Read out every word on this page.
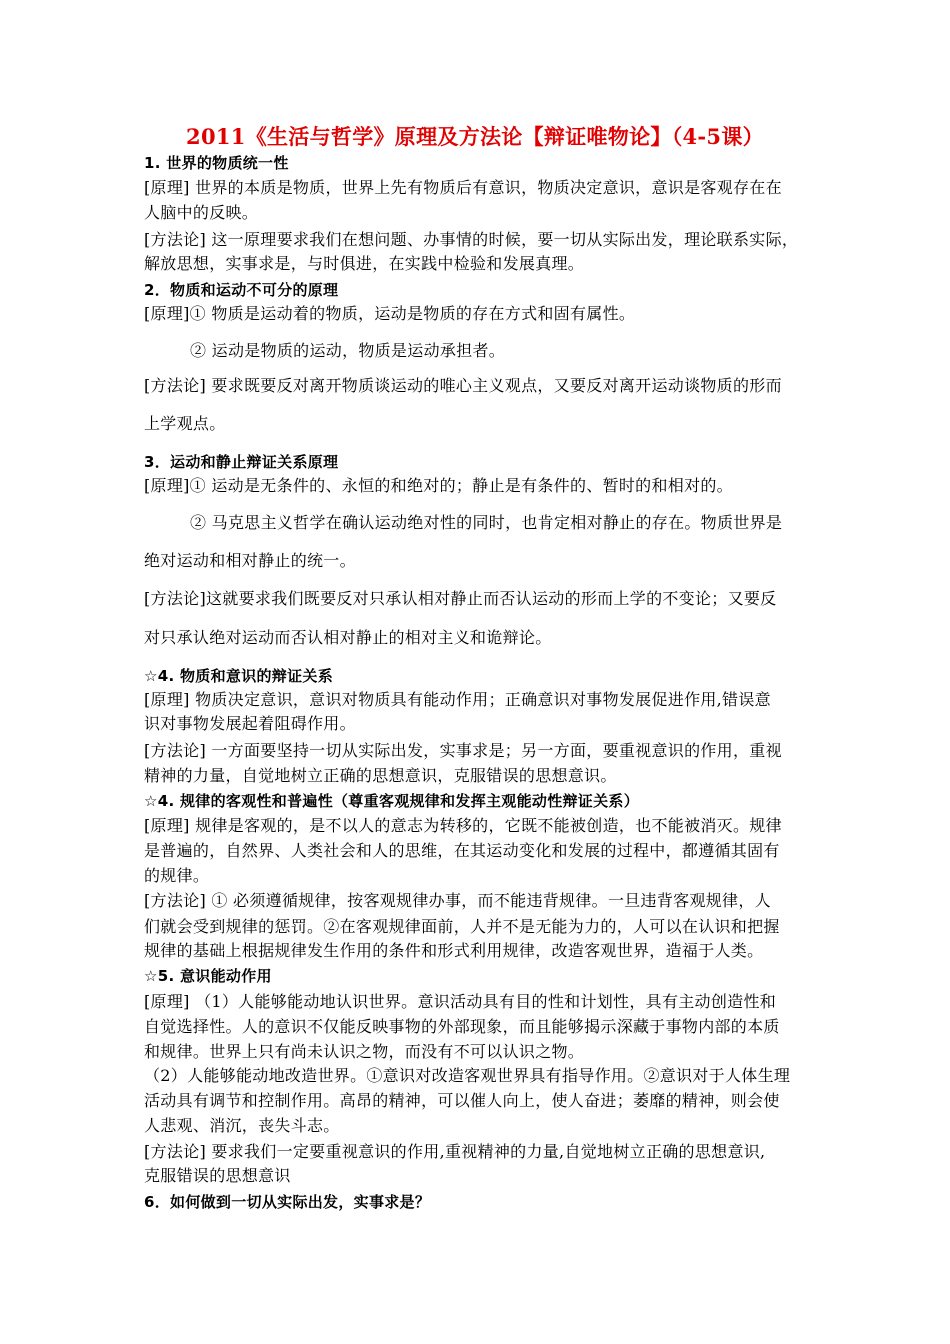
2011《生活与哲学》原理及方法论【辩证唯物论】（4-5课）
1. 世界的物质统一性
[原理] 世界的本质是物质，世界上先有物质后有意识，物质决定意识，意识是客观存在在
人脑中的反映。
[方法论] 这一原理要求我们在想问题、办事情的时候，要一切从实际出发，理论联系实际，
解放思想，实事求是，与时俱进，在实践中检验和发展真理。
2．物质和运动不可分的原理
[原理]① 物质是运动着的物质，运动是物质的存在方式和固有属性。
② 运动是物质的运动，物质是运动承担者。
[方法论] 要求既要反对离开物质谈运动的唯心主义观点，又要反对离开运动谈物质的形而
上学观点。
3．运动和静止辩证关系原理
[原理]① 运动是无条件的、永恒的和绝对的；静止是有条件的、暂时的和相对的。
② 马克思主义哲学在确认运动绝对性的同时，也肯定相对静止的存在。物质世界是
绝对运动和相对静止的统一。
[方法论]这就要求我们既要反对只承认相对静止而否认运动的形而上学的不变论；又要反
对只承认绝对运动而否认相对静止的相对主义和诡辩论。
☆4. 物质和意识的辩证关系
[原理] 物质决定意识，意识对物质具有能动作用；正确意识对事物发展促进作用,错误意
识对事物发展起着阻碍作用。
[方法论] 一方面要坚持一切从实际出发，实事求是；另一方面，要重视意识的作用，重视
精神的力量，自觉地树立正确的思想意识，克服错误的思想意识。
☆4. 规律的客观性和普遍性（尊重客观规律和发挥主观能动性辩证关系）
[原理] 规律是客观的，是不以人的意志为转移的，它既不能被创造，也不能被消灭。规律
是普遍的，自然界、人类社会和人的思维，在其运动变化和发展的过程中，都遵循其固有
的规律。
[方法论] ① 必须遵循规律，按客观规律办事，而不能违背规律。一旦违背客观规律，人
们就会受到规律的惩罚。②在客观规律面前，人并不是无能为力的，人可以在认识和把握
规律的基础上根据规律发生作用的条件和形式利用规律，改造客观世界，造福于人类。
☆5. 意识能动作用
[原理] （1）人能够能动地认识世界。意识活动具有目的性和计划性，具有主动创造性和
自觉选择性。人的意识不仅能反映事物的外部现象，而且能够揭示深藏于事物内部的本质
和规律。世界上只有尚未认识之物，而没有不可以认识之物。
（2）人能够能动地改造世界。①意识对改造客观世界具有指导作用。②意识对于人体生理
活动具有调节和控制作用。高昂的精神，可以催人向上，使人奋进；萎靡的精神，则会使
人悲观、消沉，丧失斗志。
[方法论] 要求我们一定要重视意识的作用,重视精神的力量,自觉地树立正确的思想意识,
克服错误的思想意识
6．如何做到一切从实际出发，实事求是？
